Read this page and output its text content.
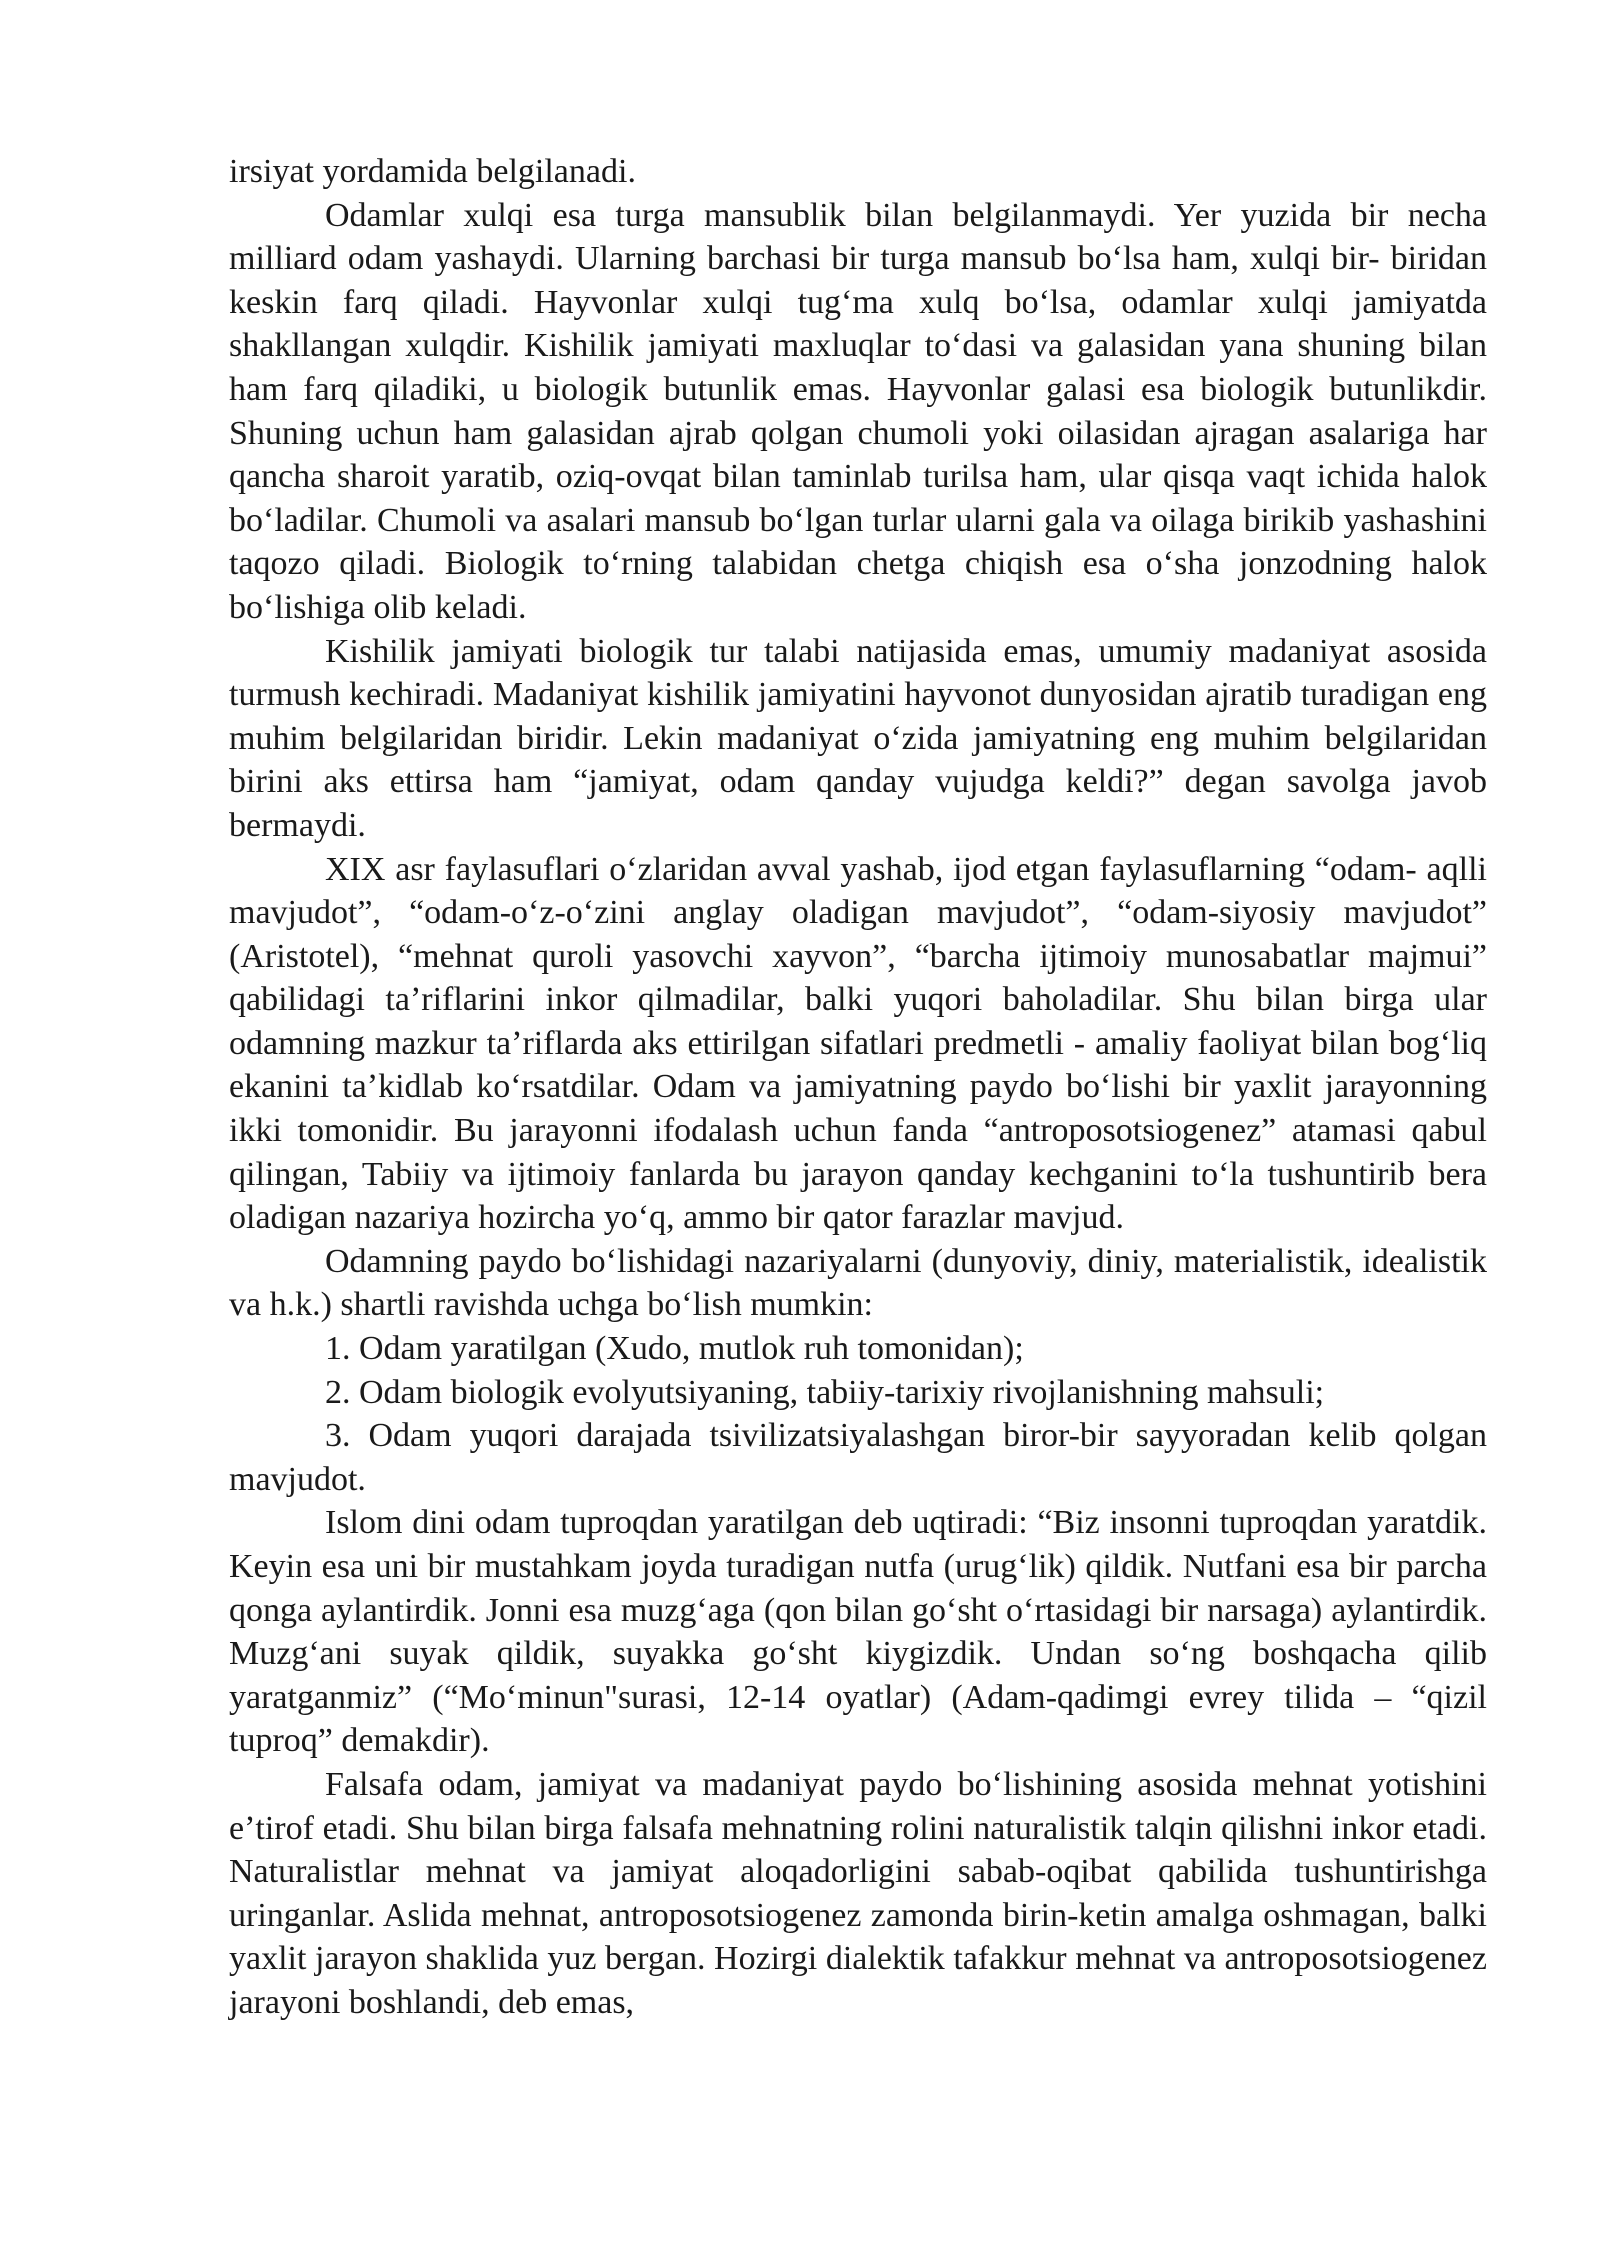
irsiyat yordamida belgilanadi.

Odamlar xulqi esa turga mansublik bilan belgilanmaydi. Yer yuzida bir necha milliard odam yashaydi. Ularning barchasi bir turga mansub boʻlsa ham, xulqi bir- biridan keskin farq qiladi. Hayvonlar xulqi tugʻma xulq boʻlsa, odamlar xulqi jamiyatda shakllangan xulqdir. Kishilik jamiyati maxluqlar toʻdasi va galasidan yana shuning bilan ham farq qiladiki, u biologik butunlik emas. Hayvonlar galasi esa biologik butunlikdir. Shuning uchun ham galasidan ajrab qolgan chumoli yoki oilasidan ajragan asalariga har qancha sharoit yaratib, oziq-ovqat bilan taminlab turilsa ham, ular qisqa vaqt ichida halok boʻladilar. Chumoli va asalari mansub boʻlgan turlar ularni gala va oilaga birikib yashashini taqozo qiladi. Biologik toʻrning talabidan chetga chiqish esa oʻsha jonzodning halok boʻlishiga olib keladi.

Kishilik jamiyati biologik tur talabi natijasida emas, umumiy madaniyat asosida turmush kechiradi. Madaniyat kishilik jamiyatini hayvonot dunyosidan ajratib turadigan eng muhim belgilaridan biridir. Lekin madaniyat oʻzida jamiyatning eng muhim belgilaridan birini aks ettirsa ham “jamiyat, odam qanday vujudga keldi?” degan savolga javob bermaydi.

XIX asr faylasuflari oʻzlaridan avval yashab, ijod etgan faylasuflarning “odam- aqlli mavjudot”, “odam-oʻz-oʻzini anglay oladigan mavjudot”, “odam-siyosiy mavjudot” (Aristotel), “mehnat quroli yasovchi xayvon”, “barcha ijtimoiy munosabatlar majmui” qabilidagi taʼriflarini inkor qilmadilar, balki yuqori baholadilar. Shu bilan birga ular odamning mazkur taʼriflarda aks ettirilgan sifatlari predmetli - amaliy faoliyat bilan bogʻliq ekanini taʼkidlab koʻrsatdilar. Odam va jamiyatning paydo boʻlishi bir yaxlit jarayonning ikki tomonidir. Bu jarayonni ifodalash uchun fanda “antroposotsiogenez” atamasi qabul qilingan, Tabiiy va ijtimoiy fanlarda bu jarayon qanday kechganini toʻla tushuntirib bera oladigan nazariya hozircha yoʻq, ammo bir qator farazlar mavjud.

Odamning paydo boʻlishidagi nazariyalarni (dunyoviy, diniy, materialistik, idealistik va h.k.) shartli ravishda uchga boʻlish mumkin:

1. Odam yaratilgan (Xudo, mutlok ruh tomonidan);

2. Odam biologik evolyutsiyaning, tabiiy-tarixiy rivojlanishning mahsuli;

3. Odam yuqori darajada tsivilizatsiyalashgan biror-bir sayyoradan kelib qolgan mavjudot.

Islom dini odam tuproqdan yaratilgan deb uqtiradi: “Biz insonni tuproqdan yaratdik. Keyin esa uni bir mustahkam joyda turadigan nutfa (urugʻlik) qildik. Nutfani esa bir parcha qonga aylantirdik. Jonni esa muzgʻaga (qon bilan goʻsht oʻrtasidagi bir narsaga) aylantirdik. Muzgʻani suyak qildik, suyakka goʻsht kiygizdik. Undan soʻng boshqacha qilib yaratganmiz” (“Moʻminun"surasi, 12-14 oyatlar) (Adam-qadimgi evrey tilida – “qizil tuproq” demakdir).

Falsafa odam, jamiyat va madaniyat paydo boʻlishining asosida mehnat yotishini eʼtirof etadi. Shu bilan birga falsafa mehnatning rolini naturalistik talqin qilishni inkor etadi. Naturalistlar mehnat va jamiyat aloqadorligini sabab-oqibat qabilida tushuntirishga uringanlar. Aslida mehnat, antroposotsiogenez zamonda birin-ketin amalga oshmagan, balki yaxlit jarayon shaklida yuz bergan. Hozirgi dialektik tafakkur mehnat va antroposotsiogenez jarayoni boshlandi, deb emas,
